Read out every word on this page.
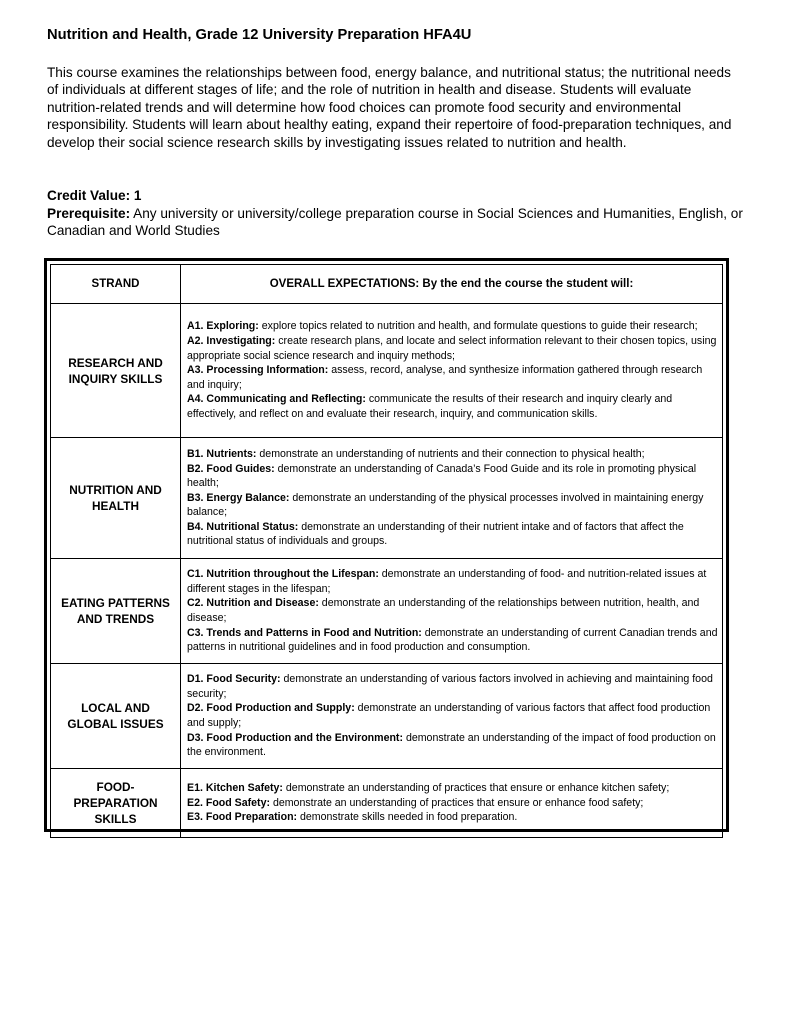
Nutrition and Health, Grade 12 University Preparation HFA4U

This course examines the relationships between food, energy balance, and nutritional status; the nutritional needs of individuals at different stages of life; and the role of nutrition in health and disease. Students will evaluate nutrition-related trends and will determine how food choices can promote food security and environmental responsibility. Students will learn about healthy eating, expand their repertoire of food-preparation techniques, and develop their social science research skills by investigating issues related to nutrition and health.

Credit Value: 1

Prerequisite: Any university or university/college preparation course in Social Sciences and Humanities, English, or Canadian and World Studies

STRAND	OVERALL EXPECTATIONS: By the end the course the student will:
RESEARCH AND INQUIRY SKILLS	A1. Exploring: explore topics related to nutrition and health, and formulate questions to guide their research;
A2. Investigating: create research plans, and locate and select information relevant to their chosen topics, using appropriate social science research and inquiry methods;
A3. Processing Information: assess, record, analyse, and synthesize information gathered through research and inquiry;
A4. Communicating and Reflecting: communicate the results of their research and inquiry clearly and effectively, and reflect on and evaluate their research, inquiry, and communication skills.

NUTRITION AND HEALTH	B1. Nutrients: demonstrate an understanding of nutrients and their connection to physical health;
B2. Food Guides: demonstrate an understanding of Canada’s Food Guide and its role in promoting physical health;
B3. Energy Balance: demonstrate an understanding of the physical processes involved in maintaining energy balance;
B4. Nutritional Status: demonstrate an understanding of their nutrient intake and of factors that affect the nutritional status of individuals and groups.

EATING PATTERNS AND TRENDS	C1. Nutrition throughout the Lifespan: demonstrate an understanding of food- and nutrition-related issues at different stages in the lifespan;
C2. Nutrition and Disease: demonstrate an understanding of the relationships between nutrition, health, and disease;
C3. Trends and Patterns in Food and Nutrition: demonstrate an understanding of current Canadian trends and patterns in nutritional guidelines and in food production and consumption.

LOCAL AND GLOBAL ISSUES	D1. Food Security: demonstrate an understanding of various factors involved in achieving and maintaining food security;
D2. Food Production and Supply: demonstrate an understanding of various factors that affect food production and supply;
D3. Food Production and the Environment: demonstrate an understanding of the impact of food production on the environment.

FOOD-PREPARATION SKILLS	E1. Kitchen Safety: demonstrate an understanding of practices that ensure or enhance kitchen safety;
E2. Food Safety: demonstrate an understanding of practices that ensure or enhance food safety;
E3. Food Preparation: demonstrate skills needed in food preparation.
